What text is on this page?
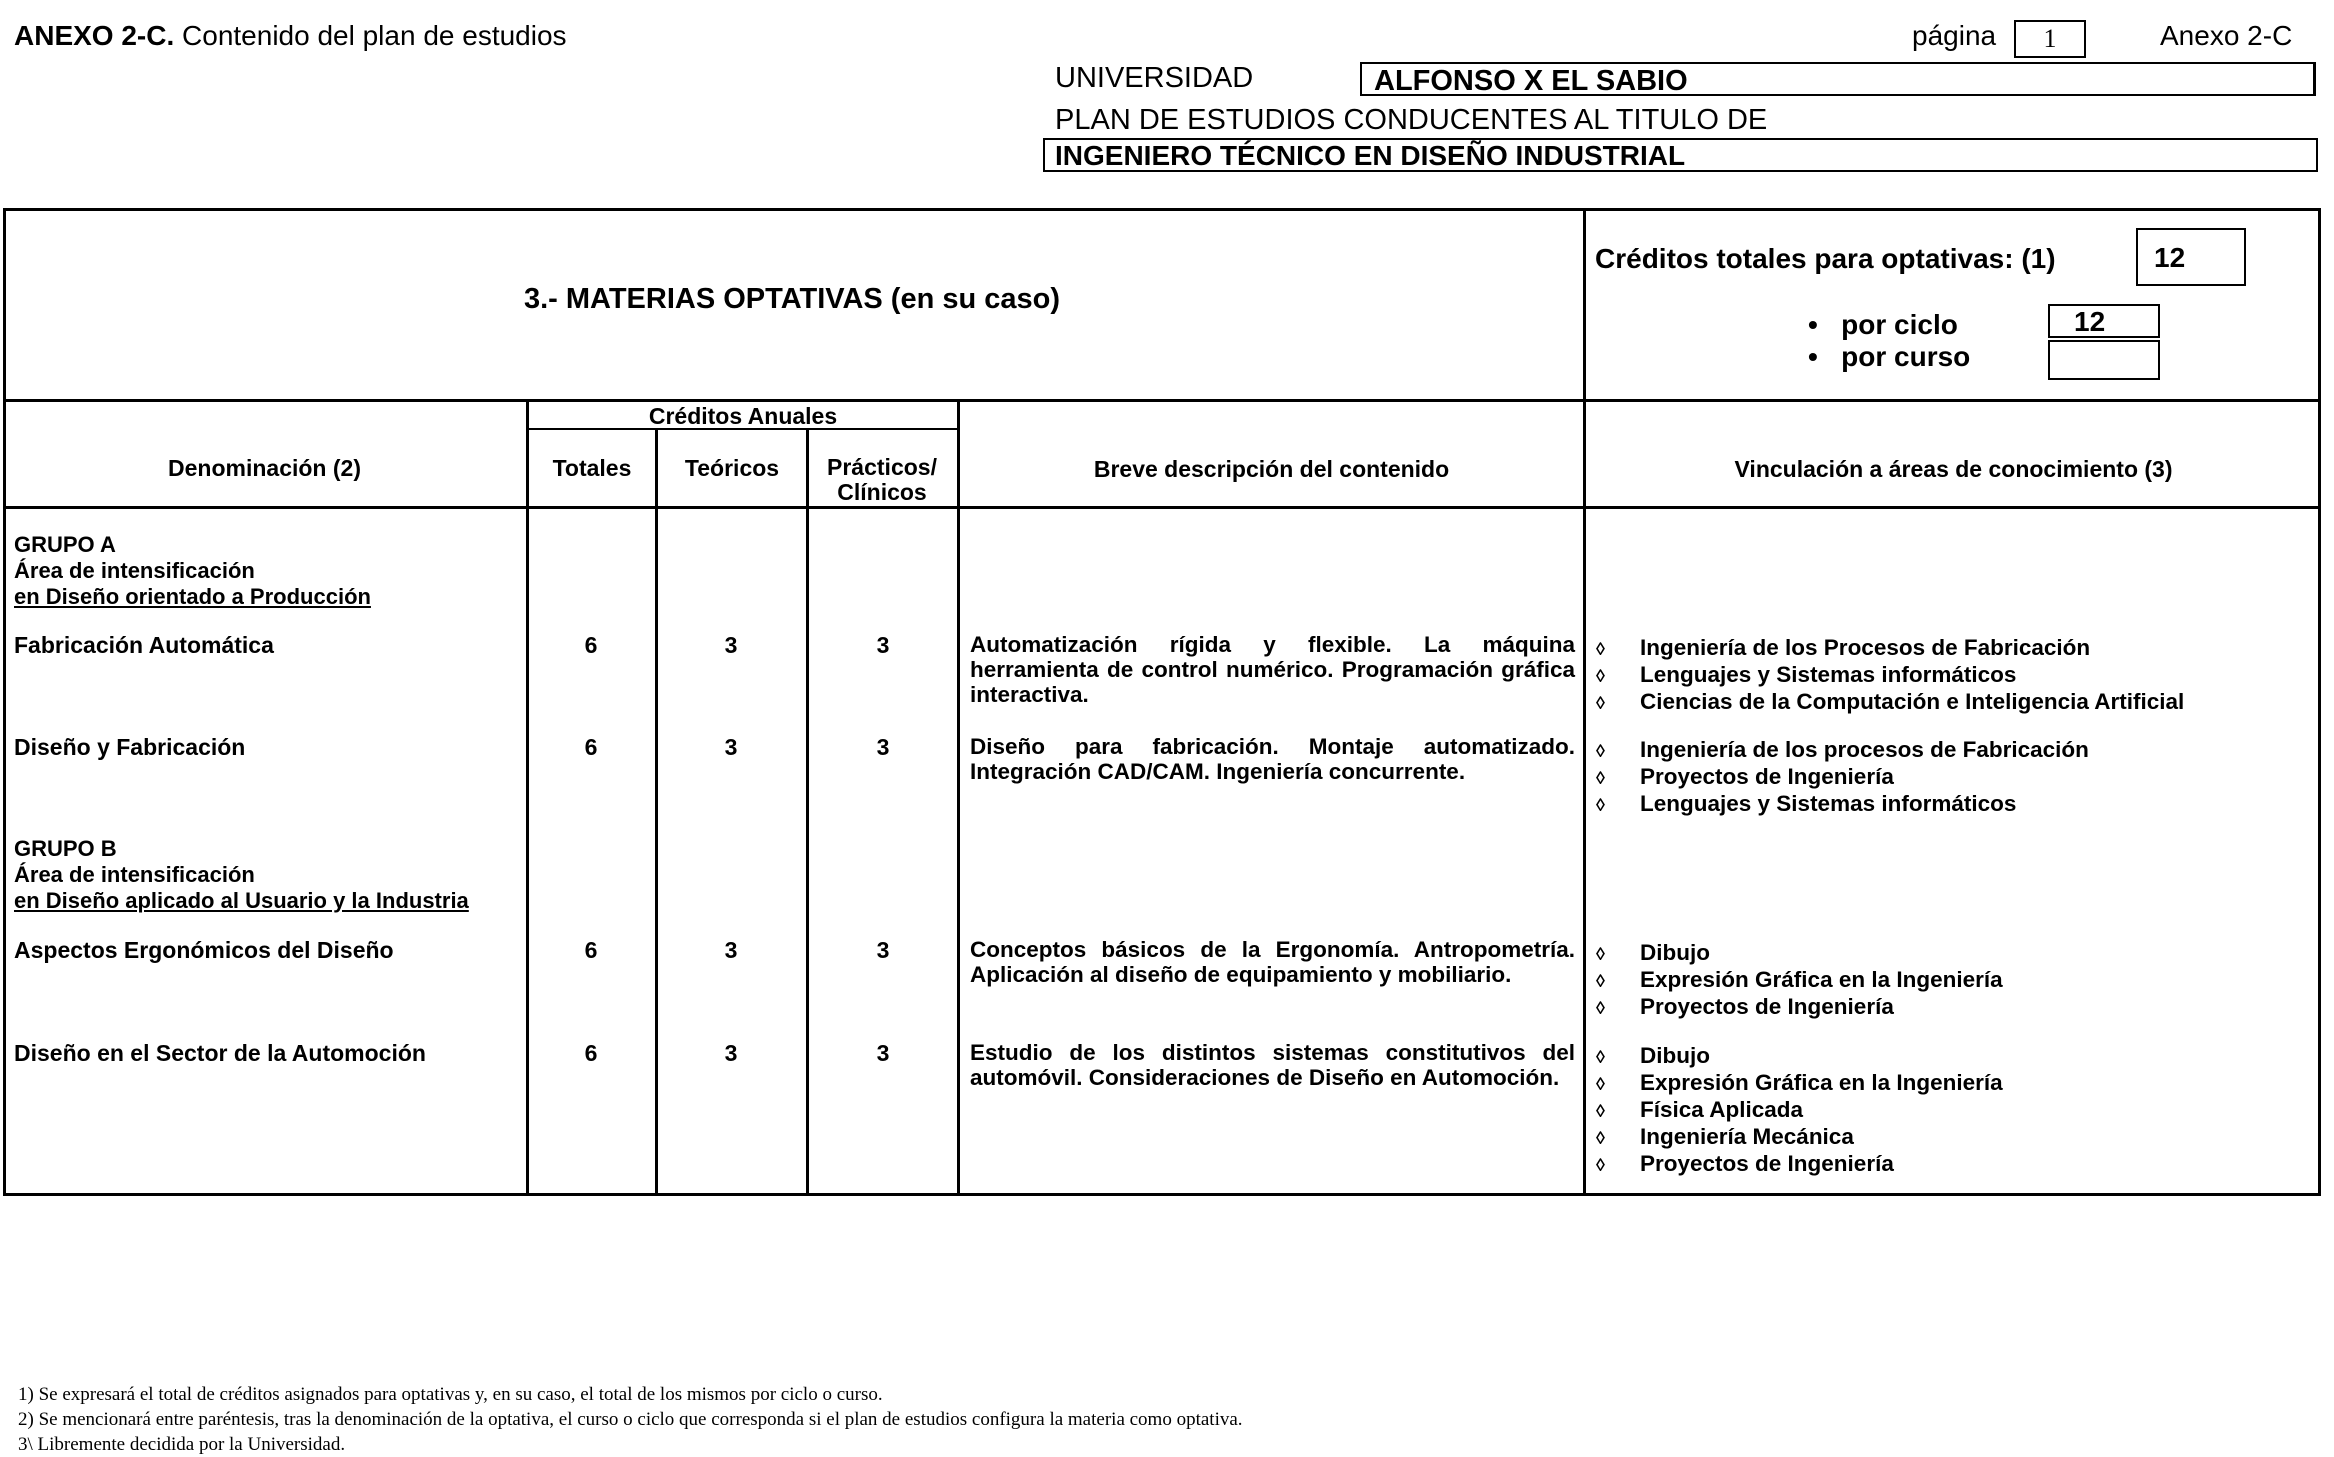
ANEXO 2-C. Contenido del plan de estudios	página	1	Anexo 2-C
UNIVERSIDAD	ALFONSO X EL SABIO
PLAN DE ESTUDIOS CONDUCENTES AL TITULO DE
INGENIERO TÉCNICO EN DISEÑO INDUSTRIAL
3.- MATERIAS OPTATIVAS (en su caso)
Créditos totales para optativas: (1)	12
• por ciclo	12
• por curso
Denominación (2)
Créditos Anuales
Totales	Teóricos	Prácticos/ Clínicos
Breve descripción del contenido	Vinculación a áreas de conocimiento (3)
GRUPO A
Área de intensificación
en Diseño orientado a Producción
Fabricación Automática	6	3	3	Automatización rígida y flexible. La máquina herramienta de control numérico. Programación gráfica interactiva.
◊ Ingeniería de los Procesos de Fabricación
◊ Lenguajes y Sistemas informáticos
◊ Ciencias de la Computación e Inteligencia Artificial
Diseño y Fabricación	6	3	3	Diseño para fabricación. Montaje automatizado. Integración CAD/CAM. Ingeniería concurrente.
◊ Ingeniería de los procesos de Fabricación
◊ Proyectos de Ingeniería
◊ Lenguajes y Sistemas informáticos
GRUPO B
Área de intensificación
en Diseño aplicado al Usuario y la Industria
Aspectos Ergonómicos del Diseño	6	3	3	Conceptos básicos de la Ergonomía. Antropometría. Aplicación al diseño de equipamiento y mobiliario.
◊ Dibujo
◊ Expresión Gráfica en la Ingeniería
◊ Proyectos de Ingeniería
Diseño en el Sector de la Automoción	6	3	3	Estudio de los distintos sistemas constitutivos del automóvil. Consideraciones de Diseño en Automoción.
◊ Dibujo
◊ Expresión Gráfica en la Ingeniería
◊ Física Aplicada
◊ Ingeniería Mecánica
◊ Proyectos de Ingeniería
1) Se expresará el total de créditos asignados para optativas y, en su caso, el total de los mismos por ciclo o curso.
2) Se mencionará entre paréntesis, tras la denominación de la optativa, el curso o ciclo que corresponda si el plan de estudios configura la materia como optativa.
3\ Libremente decidida por la Universidad.
